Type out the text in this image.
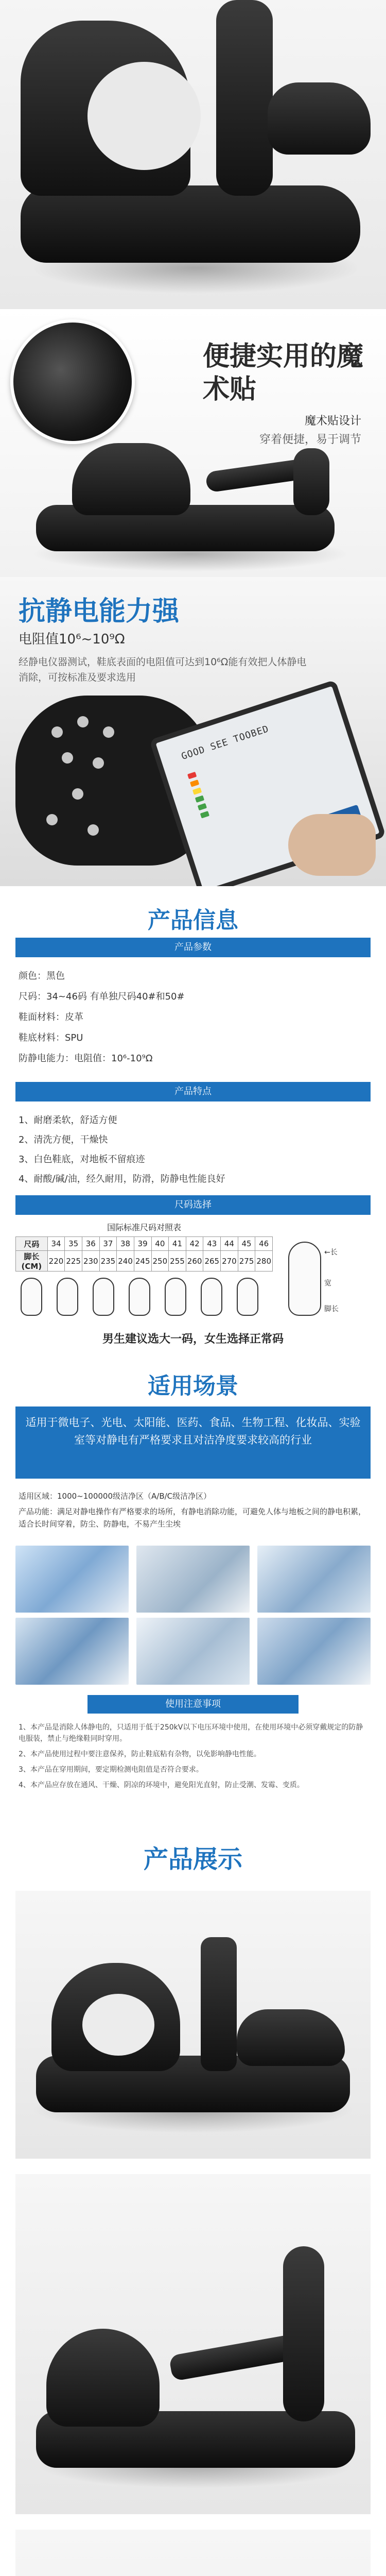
便捷实用的魔术贴
魔术贴设计
穿着便捷，易于调节
抗静电能力强
电阻值10⁶~10⁹Ω
经静电仪器测试，鞋底表面的电阻值可达到10⁶Ω能有效把人体静电消除，可按标准及要求选用
GOOD SEE TOOBED
产品信息
产品参数
颜色：黑色
尺码：34~46码 有单独尺码40#和50#
鞋面材料：皮革
鞋底材料：SPU
防静电能力：电阻值：10⁶-10⁹Ω
产品特点
1、耐磨柔软，舒适方便
2、清洗方便，干燥快
3、白色鞋底，对地板不留痕迹
4、耐酸/碱/油，经久耐用，防滑，防静电性能良好
尺码选择
国际标准尺码对照表
尺码	34	35	36	37	38	39	40	41	42	43	44	45	46
脚长(CM)	220	225	230	235	240	245	250	255	260	265	270	275	280
←长
宽
脚长
男生建议选大一码，女生选择正常码
适用场景
适用于微电子、光电、太阳能、医药、食品、生物工程、化妆品、实验室等对静电有严格要求且对洁净度要求较高的行业
适用区域：1000~100000级洁净区（A/B/C级洁净区）
产品功能：满足对静电操作有严格要求的场所，有静电消除功能，可避免人体与地板之间的静电积累，适合长时间穿着，防尘、防静电，不易产生尘埃
使用注意事项
1、本产品是消除人体静电的，只适用于低于250kV以下电压环境中使用，在使用环境中必须穿戴规定的防静电服装，禁止与绝缘鞋同时穿用。
2、本产品使用过程中要注意保养，防止鞋底粘有杂物，以免影响静电性能。
3、本产品在穿用期间，要定期检测电阻值是否符合要求。
4、本产品应存放在通风、干燥、阴凉的环境中，避免阳光直射，防止受潮、发霉、变质。
产品展示
